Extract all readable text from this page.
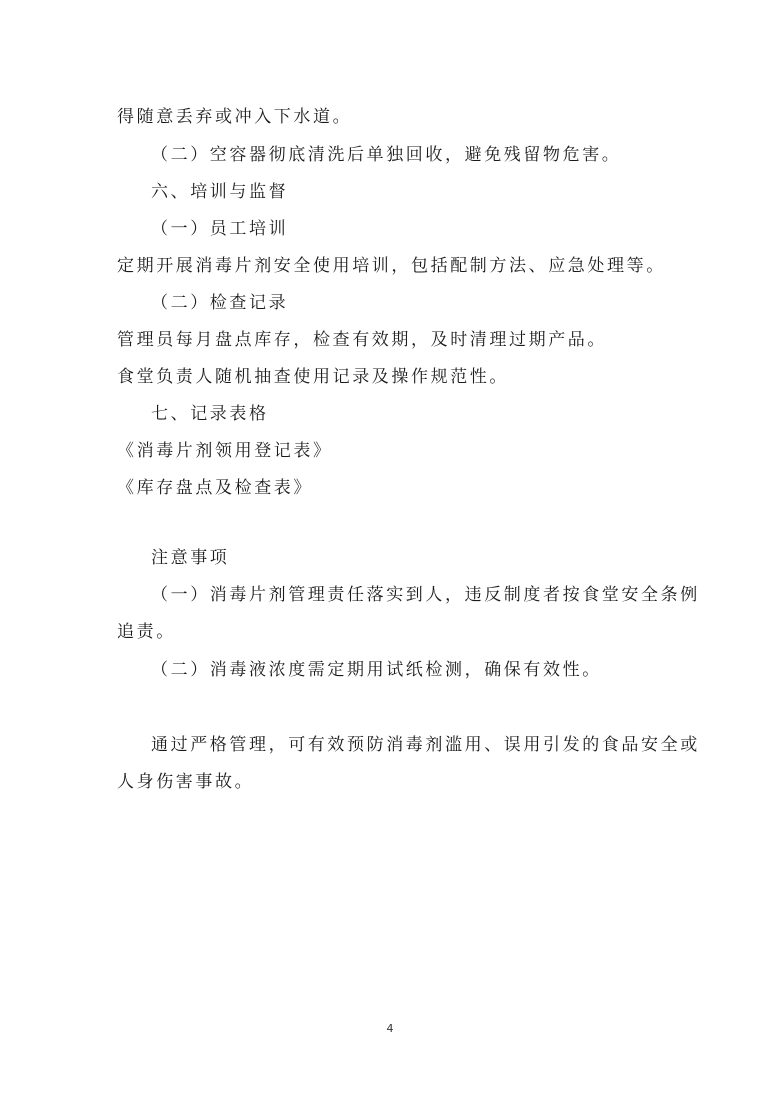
得随意丢弃或冲入下水道。
（二）空容器彻底清洗后单独回收，避免残留物危害。
六、培训与监督
（一）员工培训
定期开展消毒片剂安全使用培训，包括配制方法、应急处理等。
（二）检查记录
管理员每月盘点库存，检查有效期，及时清理过期产品。
食堂负责人随机抽查使用记录及操作规范性。
七、记录表格
《消毒片剂领用登记表》
《库存盘点及检查表》
注意事项
（一）消毒片剂管理责任落实到人，违反制度者按食堂安全条例
追责。
（二）消毒液浓度需定期用试纸检测，确保有效性。
通过严格管理，可有效预防消毒剂滥用、误用引发的食品安全或
人身伤害事故。
4
